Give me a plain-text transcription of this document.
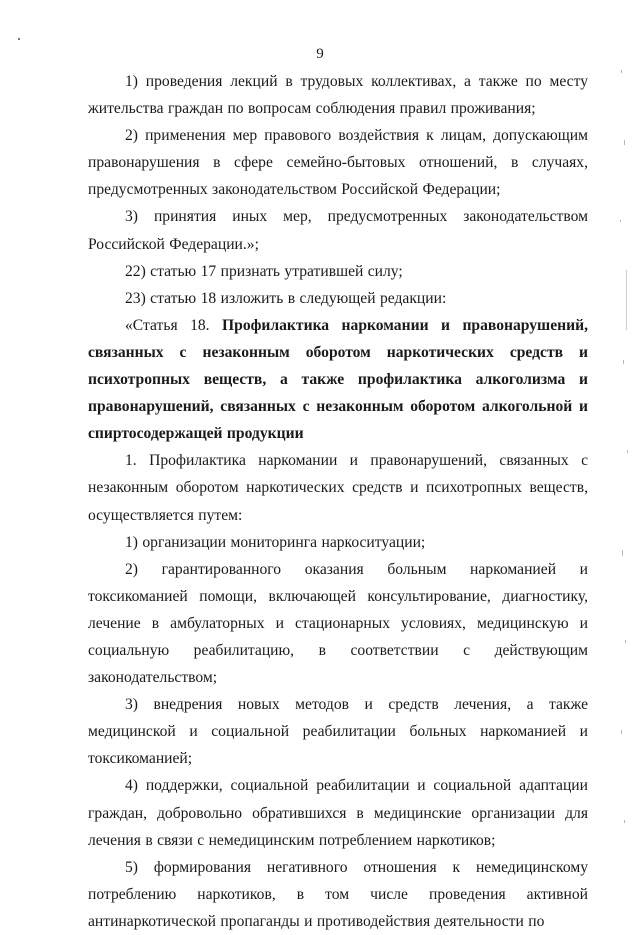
9

1) проведения лекций в трудовых коллективах, а также по месту жительства граждан по вопросам соблюдения правил проживания;

2) применения мер правового воздействия к лицам, допускающим правонарушения в сфере семейно-бытовых отношений, в случаях, предусмотренных законодательством Российской Федерации;

3) принятия иных мер, предусмотренных законодательством Российской Федерации.»;

22) статью 17 признать утратившей силу;

23) статью 18 изложить в следующей редакции:

«Статья 18. Профилактика наркомании и правонарушений, связанных с незаконным оборотом наркотических средств и психотропных веществ, а также профилактика алкоголизма и правонарушений, связанных с незаконным оборотом алкогольной и спиртосодержащей продукции

1. Профилактика наркомании и правонарушений, связанных с незаконным оборотом наркотических средств и психотропных веществ, осуществляется путем:

1) организации мониторинга наркоситуации;

2) гарантированного оказания больным наркоманией и токсикоманией помощи, включающей консультирование, диагностику, лечение в амбулаторных и стационарных условиях, медицинскую и социальную реабилитацию, в соответствии с действующим законодательством;

3) внедрения новых методов и средств лечения, а также медицинской и социальной реабилитации больных наркоманией и токсикоманией;

4) поддержки, социальной реабилитации и социальной адаптации граждан, добровольно обратившихся в медицинские организации для лечения в связи с немедицинским потреблением наркотиков;

5) формирования негативного отношения к немедицинскому потреблению наркотиков, в том числе проведения активной антинаркотической пропаганды и противодействия деятельности по
